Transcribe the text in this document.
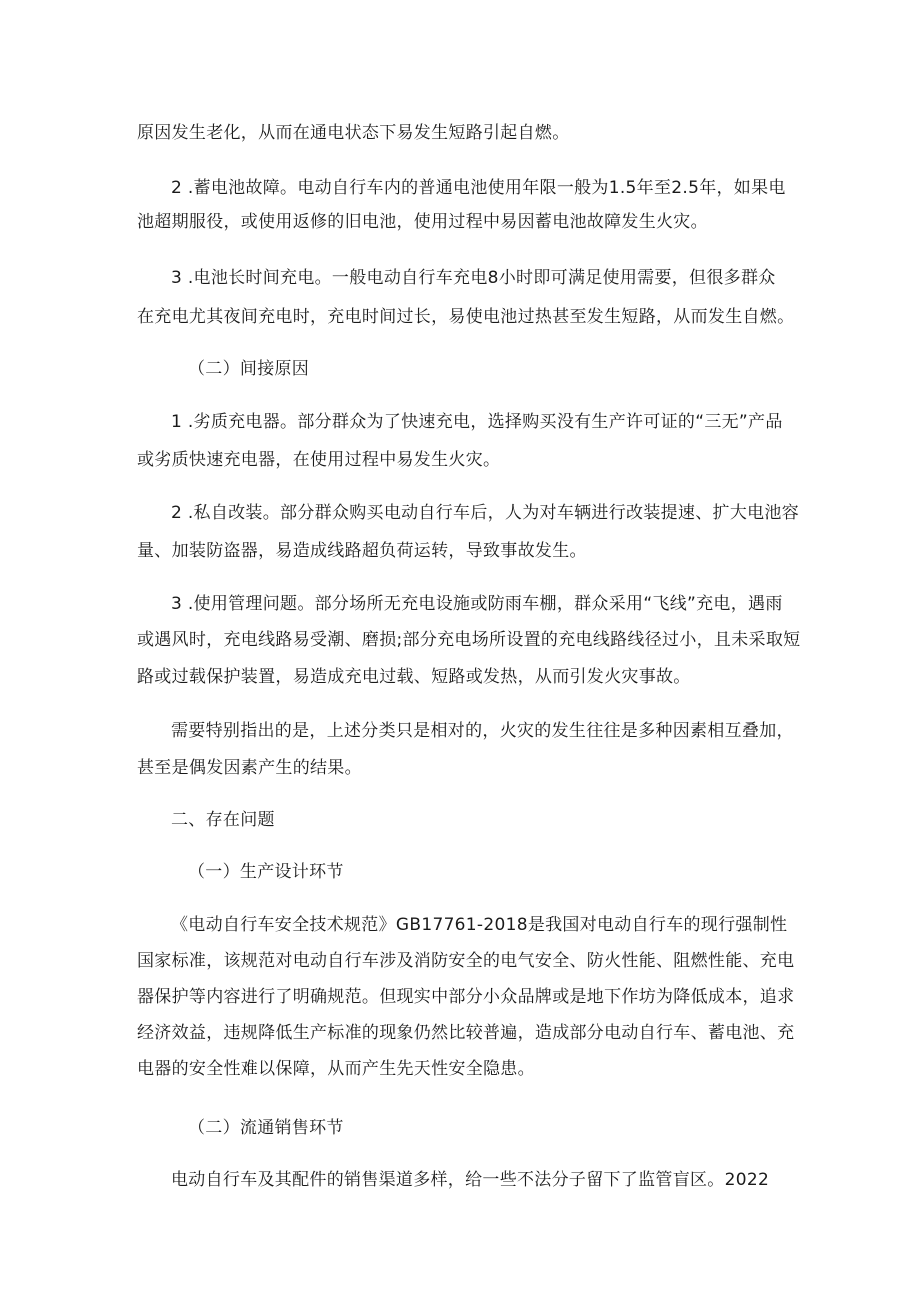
原因发生老化，从而在通电状态下易发生短路引起自燃。

2 .蓄电池故障。电动自行车内的普通电池使用年限一般为1.5年至2.5年，如果电

池超期服役，或使用返修的旧电池，使用过程中易因蓄电池故障发生火灾。

3 .电池长时间充电。一般电动自行车充电8小时即可满足使用需要，但很多群众

在充电尤其夜间充电时，充电时间过长，易使电池过热甚至发生短路，从而发生自燃。

（二）间接原因

1 .劣质充电器。部分群众为了快速充电，选择购买没有生产许可证的“三无”产品

或劣质快速充电器，在使用过程中易发生火灾。

2 .私自改装。部分群众购买电动自行车后，人为对车辆进行改装提速、扩大电池容

量、加装防盗器，易造成线路超负荷运转，导致事故发生。

3 .使用管理问题。部分场所无充电设施或防雨车棚，群众采用“飞线”充电，遇雨

或遇风时，充电线路易受潮、磨损;部分充电场所设置的充电线路线径过小，且未采取短

路或过载保护装置，易造成充电过载、短路或发热，从而引发火灾事故。

需要特别指出的是，上述分类只是相对的，火灾的发生往往是多种因素相互叠加，

甚至是偶发因素产生的结果。

二、存在问题

（一）生产设计环节

《电动自行车安全技术规范》GB17761-2018是我国对电动自行车的现行强制性

国家标准，该规范对电动自行车涉及消防安全的电气安全、防火性能、阻燃性能、充电

器保护等内容进行了明确规范。但现实中部分小众品牌或是地下作坊为降低成本，追求

经济效益，违规降低生产标准的现象仍然比较普遍，造成部分电动自行车、蓄电池、充

电器的安全性难以保障，从而产生先天性安全隐患。

（二）流通销售环节

电动自行车及其配件的销售渠道多样，给一些不法分子留下了监管盲区。2022
